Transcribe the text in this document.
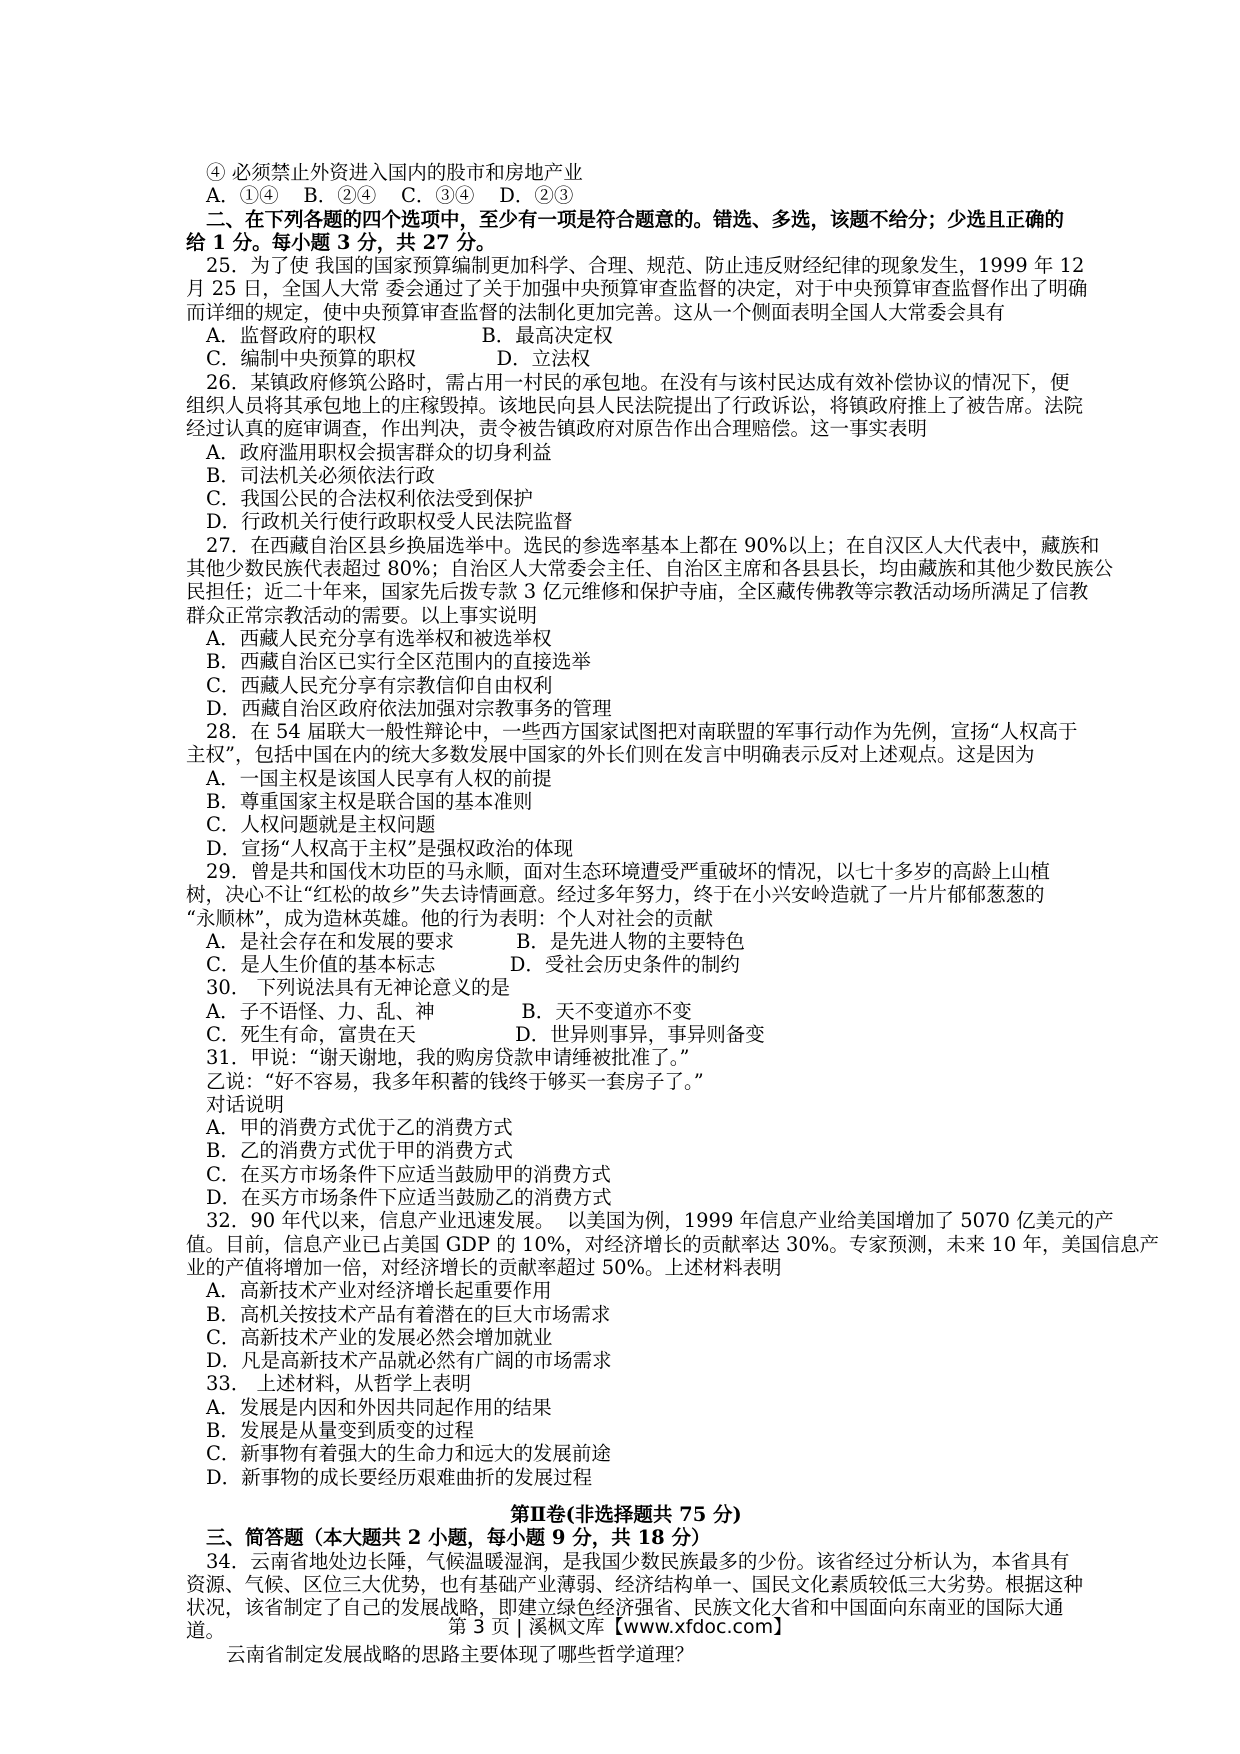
④ 必须禁止外资进入国内的股市和房地产业
A．①④    B．②④    C．③④    D．②③
二、在下列各题的四个选项中，至少有一项是符合题意的。错选、多选，该题不给分；少选且正确的
给 1 分。每小题 3 分，共 27 分。
25．为了使 我国的国家预算编制更加科学、合理、规范、防止违反财经纪律的现象发生，1999 年 12
月 25 日，全国人大常 委会通过了关于加强中央预算审查监督的决定，对于中央预算审查监督作出了明确
而详细的规定，使中央预算审查监督的法制化更加完善。这从一个侧面表明全国人大常委会具有
A．监督政府的职权                 B．最高决定权
C．编制中央预算的职权             D．立法权
26．某镇政府修筑公路时，需占用一村民的承包地。在没有与该村民达成有效补偿协议的情况下，便
组织人员将其承包地上的庄稼毁掉。该地民向县人民法院提出了行政诉讼，将镇政府推上了被告席。法院
经过认真的庭审调查，作出判决，责令被告镇政府对原告作出合理赔偿。这一事实表明
A．政府滥用职权会损害群众的切身利益
B．司法机关必须依法行政
C．我国公民的合法权利依法受到保护
D．行政机关行使行政职权受人民法院监督
27．在西藏自治区县乡换届选举中。选民的参选率基本上都在 90%以上；在自汉区人大代表中，藏族和
其他少数民族代表超过 80%；自治区人大常委会主任、自治区主席和各县县长，均由藏族和其他少数民族公
民担任；近二十年来，国家先后拨专款 3 亿元维修和保护寺庙，全区藏传佛教等宗教活动场所满足了信教
群众正常宗教活动的需要。以上事实说明
A．西藏人民充分享有选举权和被选举权
B．西藏自治区已实行全区范围内的直接选举
C．西藏人民充分享有宗教信仰自由权利
D．西藏自治区政府依法加强对宗教事务的管理
28．在 54 届联大一般性辩论中，一些西方国家试图把对南联盟的军事行动作为先例，宣扬“人权高于
主权”，包括中国在内的统大多数发展中国家的外长们则在发言中明确表示反对上述观点。这是因为
A．一国主权是该国人民享有人权的前提
B．尊重国家主权是联合国的基本准则
C．人权问题就是主权问题
D．宣扬“人权高于主权”是强权政治的体现
29．曾是共和国伐木功臣的马永顺，面对生态环境遭受严重破坏的情况，以七十多岁的高龄上山植
树，决心不让“红松的故乡”失去诗情画意。经过多年努力，终于在小兴安岭造就了一片片郁郁葱葱的
“永顺林”，成为造林英雄。他的行为表明：个人对社会的贡献
A．是社会存在和发展的要求          B．是先进人物的主要特色
C．是人生价值的基本标志            D．受社会历史条件的制约
30． 下列说法具有无神论意义的是
A．子不语怪、力、乱、神              B．天不变道亦不变
C．死生有命，富贵在天                D．世异则事异，事异则备变
31．甲说：“谢天谢地，我的购房贷款申请缍被批准了。”
乙说：“好不容易，我多年积蓄的钱终于够买一套房子了。”
对话说明
A．甲的消费方式优于乙的消费方式
B．乙的消费方式优于甲的消费方式
C．在买方市场条件下应适当鼓励甲的消费方式
D．在买方市场条件下应适当鼓励乙的消费方式
32．90 年代以来，信息产业迅速发展。  以美国为例，1999 年信息产业给美国增加了 5070 亿美元的产
值。目前，信息产业已占美国 GDP 的 10%，对经济增长的贡献率达 30%。专家预测，未来 10 年，美国信息产
业的产值将增加一倍，对经济增长的贡献率超过 50%。上述材料表明
A．高新技术产业对经济增长起重要作用
B．高机关按技术产品有着潜在的巨大市场需求
C．高新技术产业的发展必然会增加就业
D．凡是高新技术产品就必然有广阔的市场需求
33． 上述材料，从哲学上表明
A．发展是内因和外因共同起作用的结果
B．发展是从量变到质变的过程
C．新事物有着强大的生命力和远大的发展前途
D．新事物的成长要经历艰难曲折的发展过程
第Ⅱ卷(非选择题共 75 分)
三、简答题（本大题共 2 小题，每小题 9 分，共 18 分）
34．云南省地处边长陲，气候温暖湿润，是我国少数民族最多的少份。该省经过分析认为，本省具有
资源、气候、区位三大优势，也有基础产业薄弱、经济结构单一、国民文化素质较低三大劣势。根据这种
状况，该省制定了自己的发展战略，即建立绿色经济强省、民族文化大省和中国面向东南亚的国际大通
道。
云南省制定发展战略的思路主要体现了哪些哲学道理？
第 3 页 | 溪枫文库【www.xfdoc.com】
